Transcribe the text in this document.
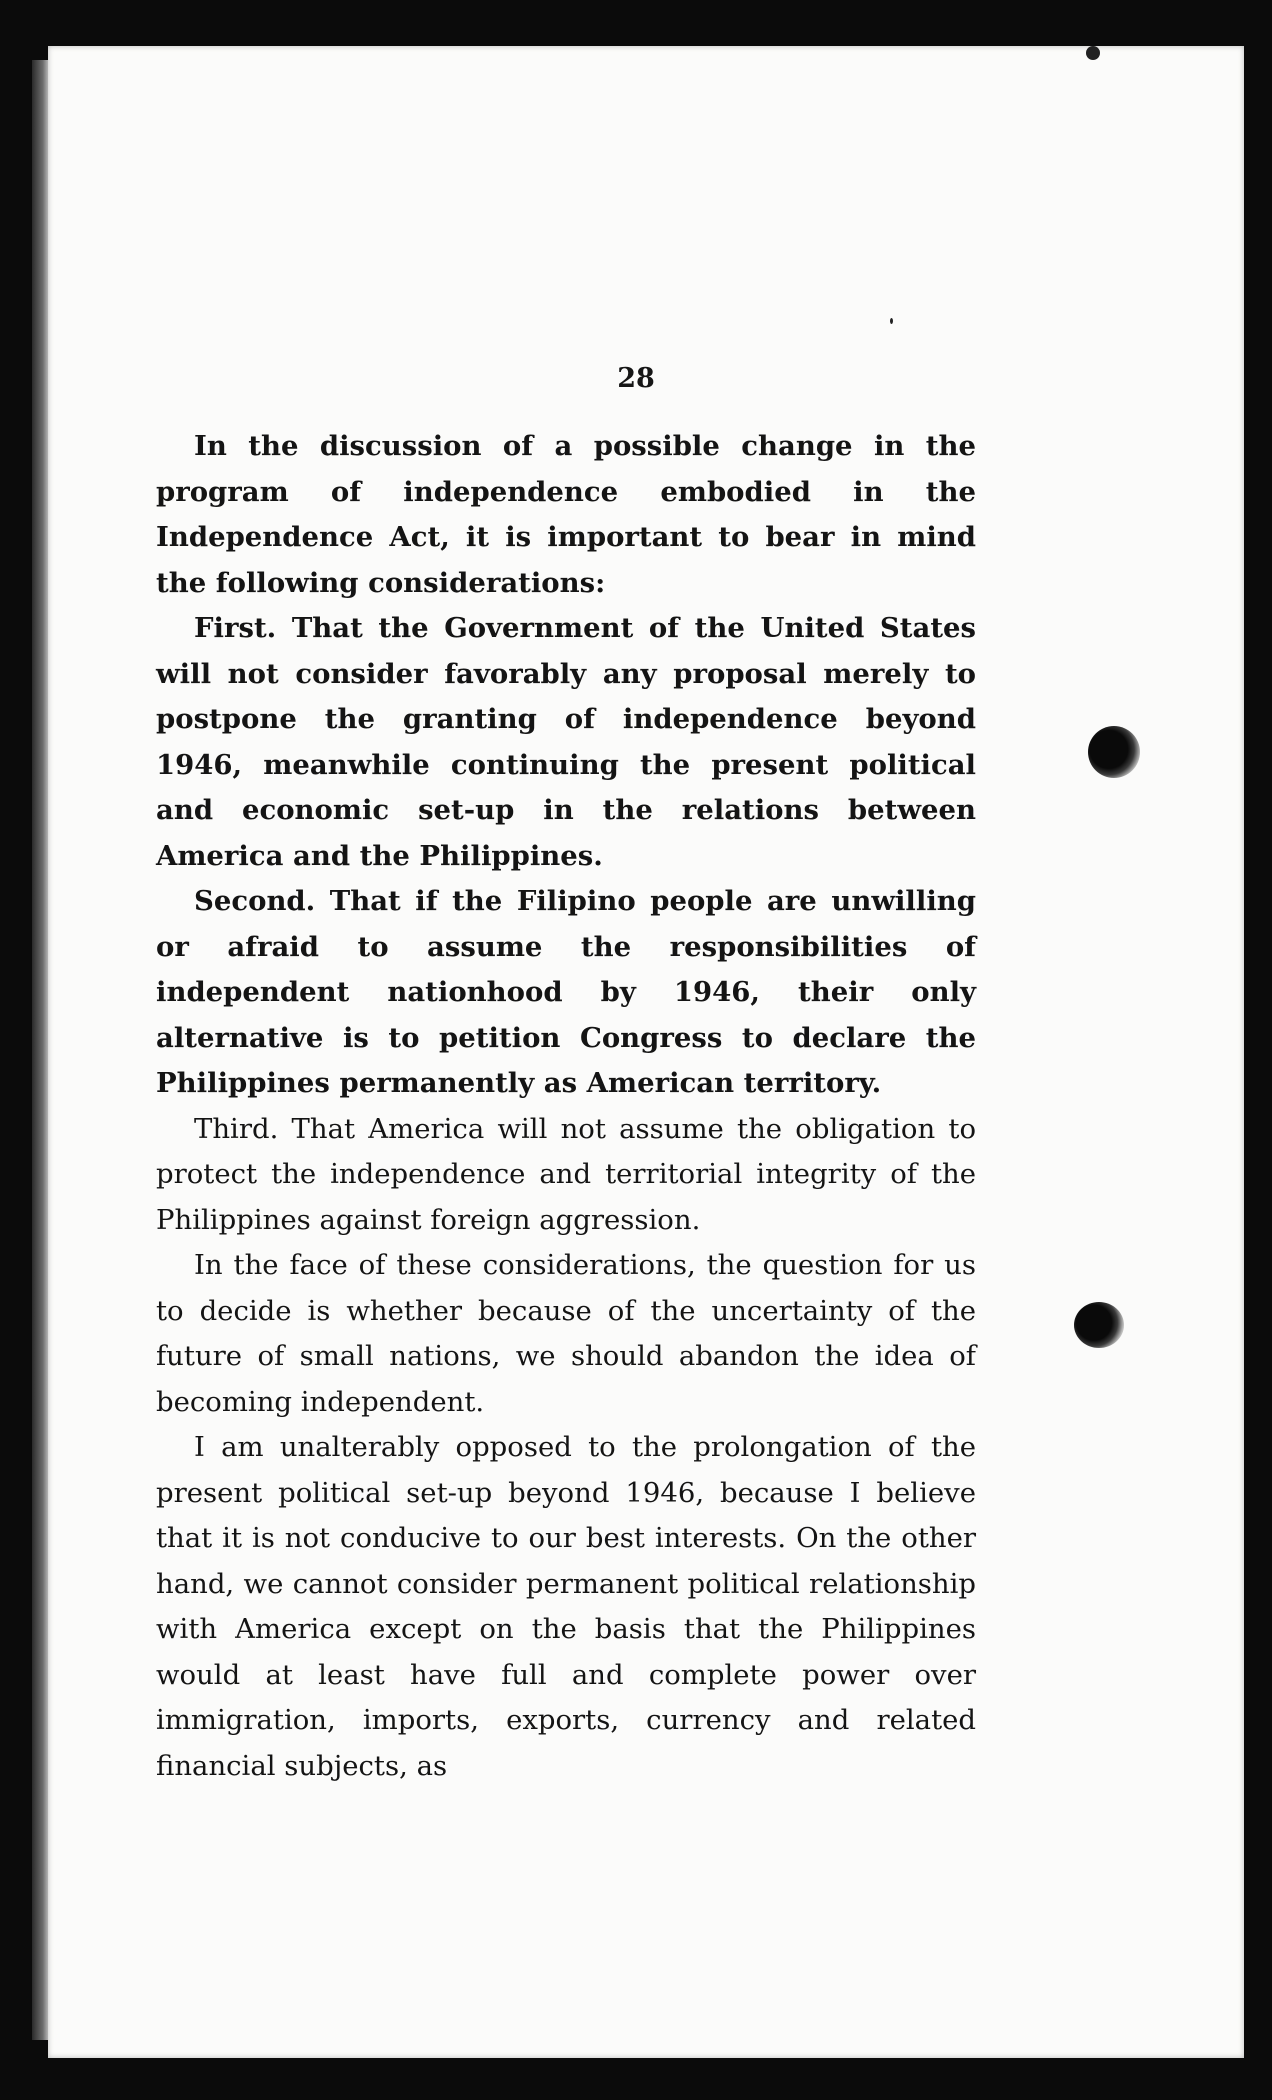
28

In the discussion of a possible change in the program of independence embodied in the Independence Act, it is important to bear in mind the following considerations:

First. That the Government of the United States will not consider favorably any proposal merely to postpone the granting of independence beyond 1946, meanwhile continuing the present political and economic set-up in the relations between America and the Philippines.

Second. That if the Filipino people are unwilling or afraid to assume the responsibilities of independent nationhood by 1946, their only alternative is to petition Congress to declare the Philippines permanently as American territory.

Third. That America will not assume the obligation to protect the independence and territorial integrity of the Philippines against foreign aggression.

In the face of these considerations, the question for us to decide is whether because of the uncertainty of the future of small nations, we should abandon the idea of becoming independent.

I am unalterably opposed to the prolongation of the present political set-up beyond 1946, because I believe that it is not conducive to our best interests. On the other hand, we cannot consider permanent political relationship with America except on the basis that the Philippines would at least have full and complete power over immigration, imports, exports, currency and related financial subjects, as
